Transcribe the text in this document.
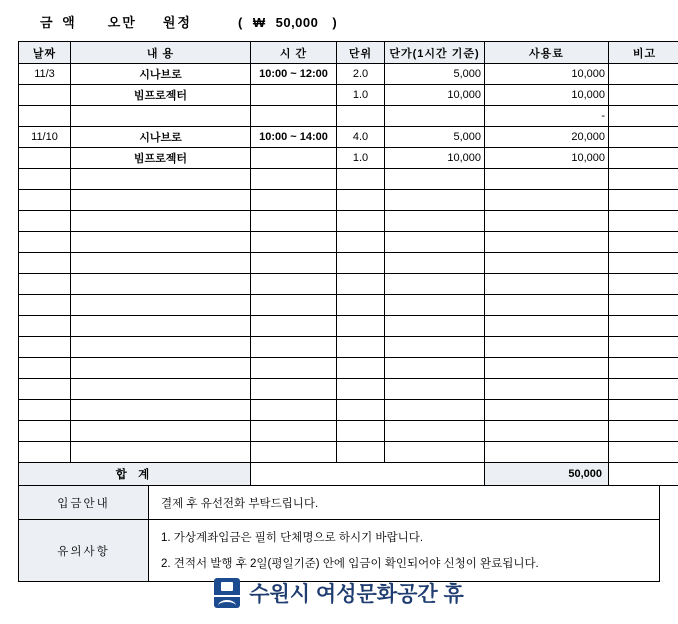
금 액 오만 원정	( ₩ 50,000 )
날짜	내 용	시 간	단위	단가(1시간 기준)	사용료	비고
11/3	시나브로	10:00 ~ 12:00	2.0	5,000	10,000	
	빔프로젝터		1.0	10,000	10,000	
					-	
11/10	시나브로	10:00 ~ 14:00	4.0	5,000	20,000	
	빔프로젝터		1.0	10,000	10,000	

합 계					50,000	
입금안내	결제 후 유선전화 부탁드립니다.
유의사항	1. 가상계좌입금은 필히 단체명으로 하시기 바랍니다.
2. 견적서 발행 후 2일(평일기준) 안에 입금이 확인되어야 신청이 완료됩니다.
수원시 여성문화공간 휴
